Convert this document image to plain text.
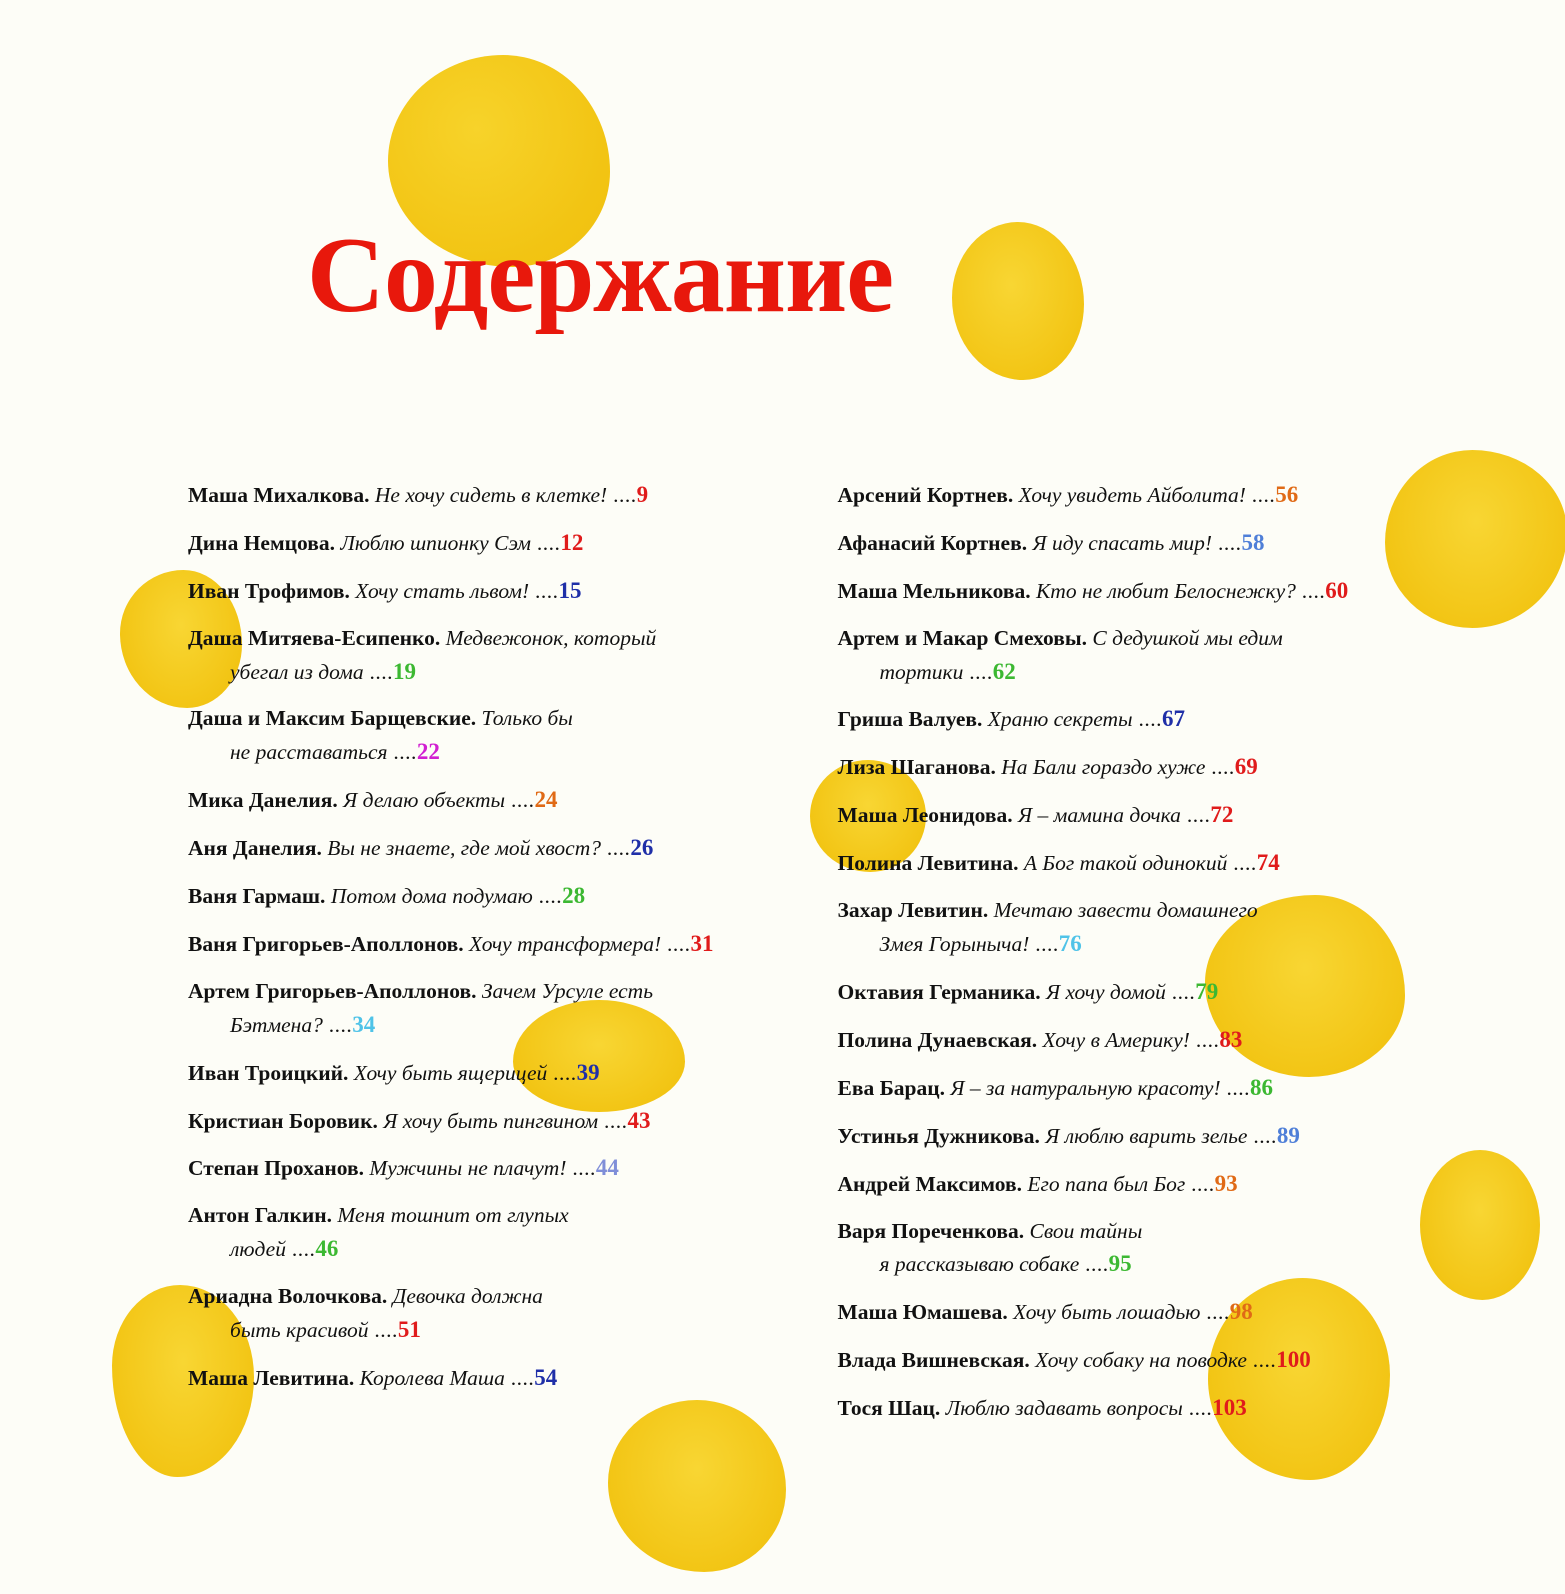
Содержание
Маша Михалкова. Не хочу сидеть в клетке! ....9
Дина Немцова. Люблю шпионку Сэм ....12
Иван Трофимов. Хочу стать львом! ....15
Даша Митяева-Есипенко. Медвежонок, который
убегал из дома ....19
Даша и Максим Барщевские. Только бы
не расставаться ....22
Мика Данелия. Я делаю объекты ....24
Аня Данелия. Вы не знаете, где мой хвост? ....26
Ваня Гармаш. Потом дома подумаю ....28
Ваня Григорьев-Аполлонов. Хочу трансформера! ....31
Артем Григорьев-Аполлонов. Зачем Урсуле есть
Бэтмена? ....34
Иван Троицкий. Хочу быть ящерицей ....39
Кристиан Боровик. Я хочу быть пингвином ....43
Степан Проханов. Мужчины не плачут! ....44
Антон Галкин. Меня тошнит от глупых
людей ....46
Ариадна Волочкова. Девочка должна
быть красивой ....51
Маша Левитина. Королева Маша ....54
Арсений Кортнев. Хочу увидеть Айболита! ....56
Афанасий Кортнев. Я иду спасать мир! ....58
Маша Мельникова. Кто не любит Белоснежку? ....60
Артем и Макар Смеховы. С дедушкой мы едим
тортики ....62
Гриша Валуев. Храню секреты ....67
Лиза Шаганова. На Бали гораздо хуже ....69
Маша Леонидова. Я – мамина дочка ....72
Полина Левитина. А Бог такой одинокий ....74
Захар Левитин. Мечтаю завести домашнего
Змея Горыныча! ....76
Октавия Германика. Я хочу домой ....79
Полина Дунаевская. Хочу в Америку! ....83
Ева Барац. Я – за натуральную красоту! ....86
Устинья Дужникова. Я люблю варить зелье ....89
Андрей Максимов. Его папа был Бог ....93
Варя Пореченкова. Свои тайны
я рассказываю собаке ....95
Маша Юмашева. Хочу быть лошадью ....98
Влада Вишневская. Хочу собаку на поводке ....100
Тося Шац. Люблю задавать вопросы ....103
